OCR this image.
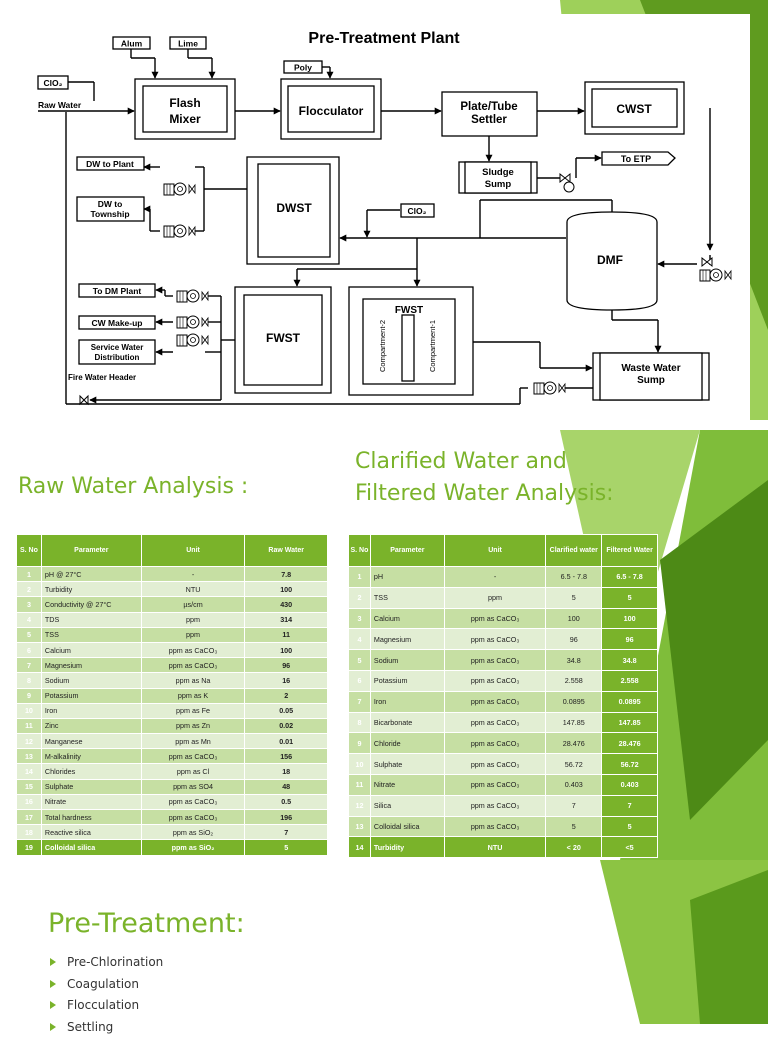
Pre-Treatment Plant
Alum	Lime
Poly
ClO₂
Raw Water	Flash
Mixer
Flocculator	Plate/Tube
Settler
CWST
Sludge
Sump
DWST
DMF
FWST
FWST
Compartment-2	Compartment-1	Waste Water
Sump
To ETP
ClO₂
DW to Plant
DW to
Township
To DM Plant
CW Make-up
Service Water
Distribution
Fire Water Header
Raw Water Analysis :
S. No	Parameter	Unit	Raw Water
1	pH @ 27°C	-	7.8
2	Turbidity	NTU	100
3	Conductivity @ 27°C	µs/cm	430
4	TDS	ppm	314
5	TSS	ppm	11
6	Calcium	ppm as CaCO₃	100
7	Magnesium	ppm as CaCO₃	96
8	Sodium	ppm as Na	16
9	Potassium	ppm as K	2
10	Iron	ppm as Fe	0.05
11	Zinc	ppm as Zn	0.02
12	Manganese	ppm as Mn	0.01
13	M-alkalinity	ppm as CaCO₃	156
14	Chlorides	ppm as Cl	18
15	Sulphate	ppm as SO4	48
16	Nitrate	ppm as CaCO₃	0.5
17	Total hardness	ppm as CaCO₃	196
18	Reactive silica	ppm as SiO₂	7
19	Colloidal silica	ppm as SiO₂	5
Clarified Water and
Filtered Water Analysis:
S. No	Parameter	Unit	Clarified water	Filtered Water
1	pH	-	6.5 - 7.8	6.5 - 7.8
2	TSS	ppm	5	5
3	Calcium	ppm as CaCO₃	100	100
4	Magnesium	ppm as CaCO₃	96	96
5	Sodium	ppm as CaCO₃	34.8	34.8
6	Potassium	ppm as CaCO₃	2.558	2.558
7	Iron	ppm as CaCO₃	0.0895	0.0895
8	Bicarbonate	ppm as CaCO₃	147.85	147.85
9	Chloride	ppm as CaCO₃	28.476	28.476
10	Sulphate	ppm as CaCO₃	56.72	56.72
11	Nitrate	ppm as CaCO₃	0.403	0.403
12	Silica	ppm as CaCO₃	7	7
13	Colloidal silica	ppm as CaCO₃	5	5
14	Turbidity	NTU	< 20	<5
Pre-Treatment:
Pre-Chlorination
Coagulation
Flocculation
Settling
